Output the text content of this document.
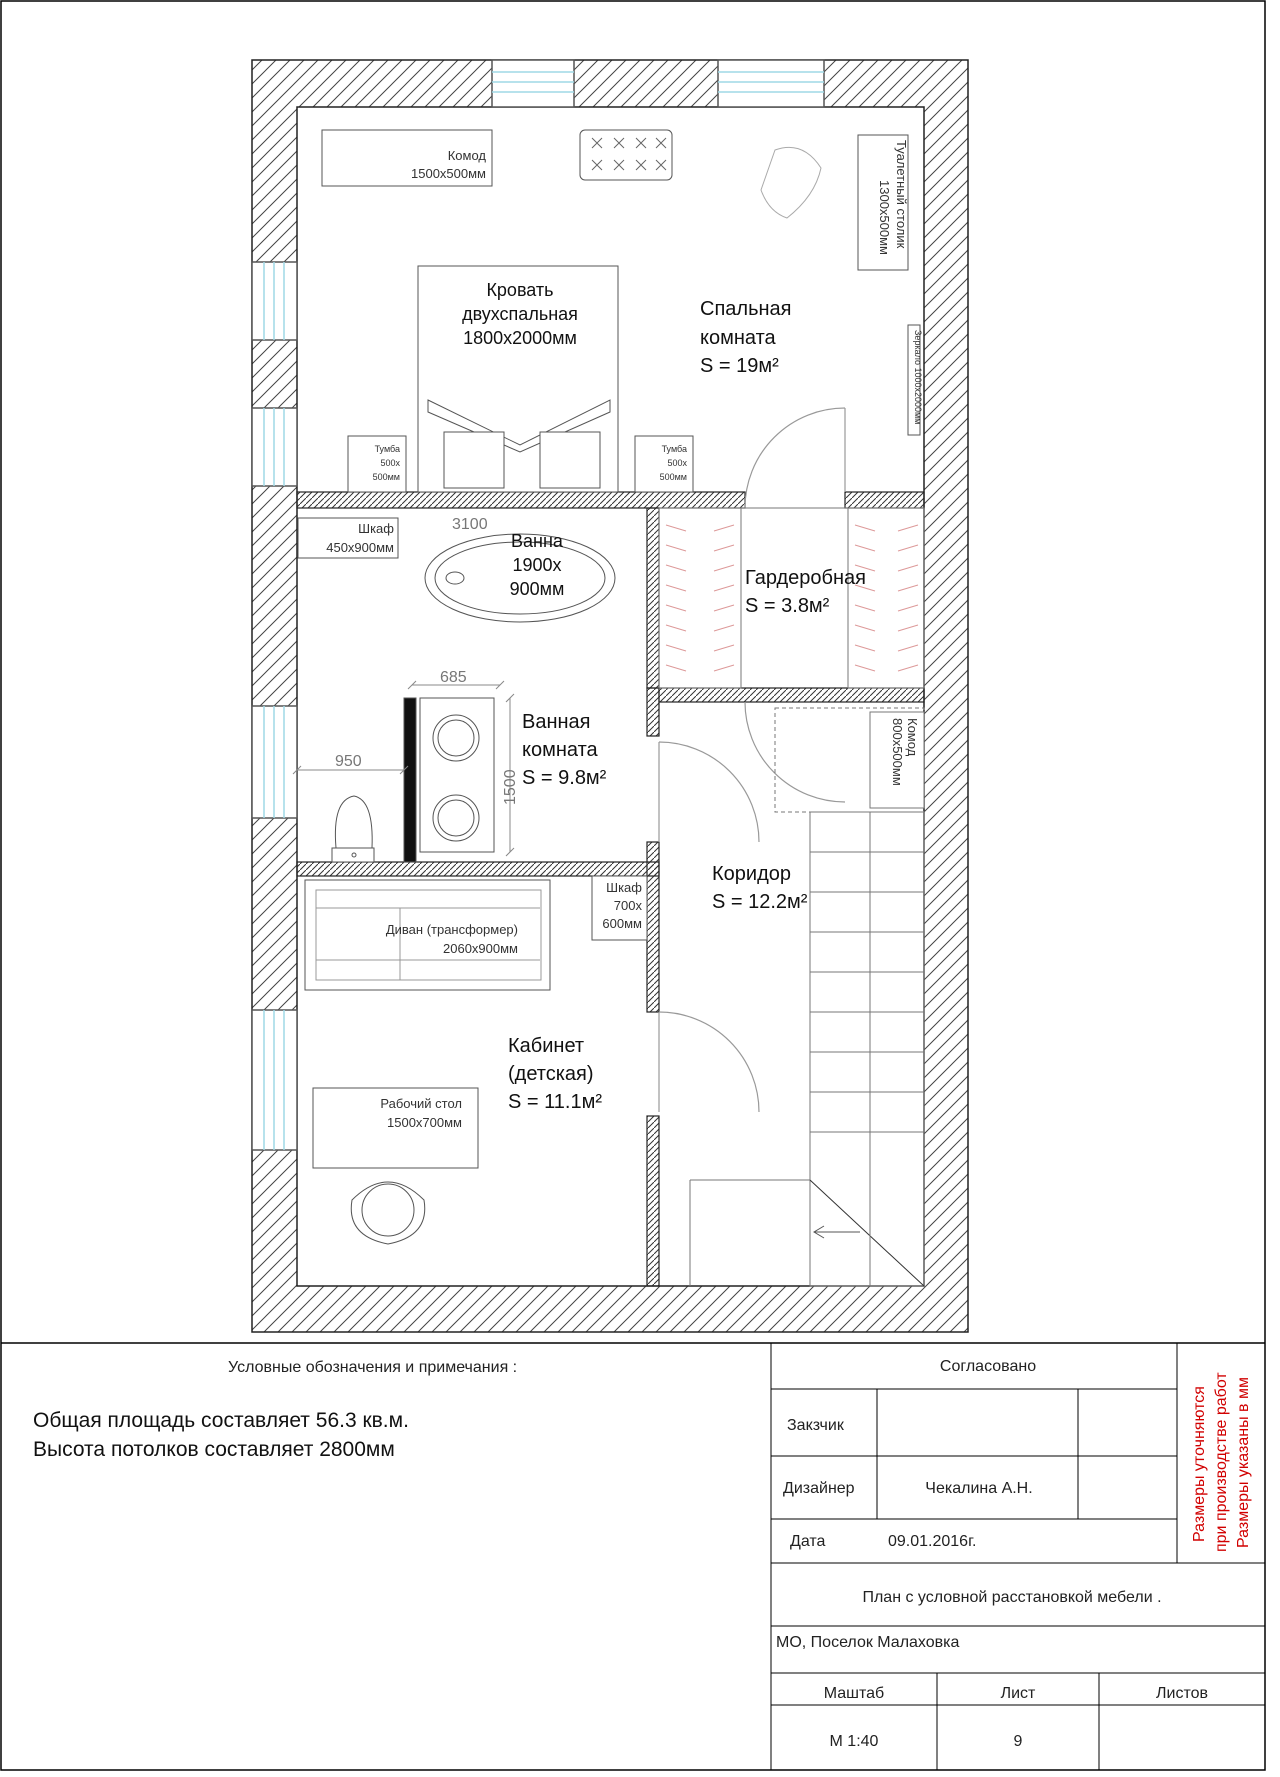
Спальная
комната
S = 19м²
Гардеробная
S = 3.8м²
Ванная
комната
S = 9.8м²
Коридор
S = 12.2м²
Кабинет
(детская)
S = 11.1м²
Комод
1500х500мм	Туалетный столик
1300х500мм
Зеркало 1000х2000мм
Кровать
двухспальная
1800х2000мм
Тумба
500х
500мм
Тумба
500х
500мм
Шкаф
450х900мм	Ванна
1900х
900мм
Комод
800х500мм
Шкаф
700х
600мм
Диван (трансформер)
2060х900мм
Рабочий стол
1500х700мм
3100
685
950
1500
Условные обозначения и примечания :
Общая площадь составляет 56.3 кв.м.
Высота потолков составляет 2800мм
Согласовано
Закзчик
Дизайнер	Чекалина А.Н.
Дата	09.01.2016г.
План с условной расстановкой мебели .
МО, Поселок Малаховка
Маштаб	Лист	Листов
М 1:40	9
Размеры уточняются при производстве работ Размеры указаны в мм
